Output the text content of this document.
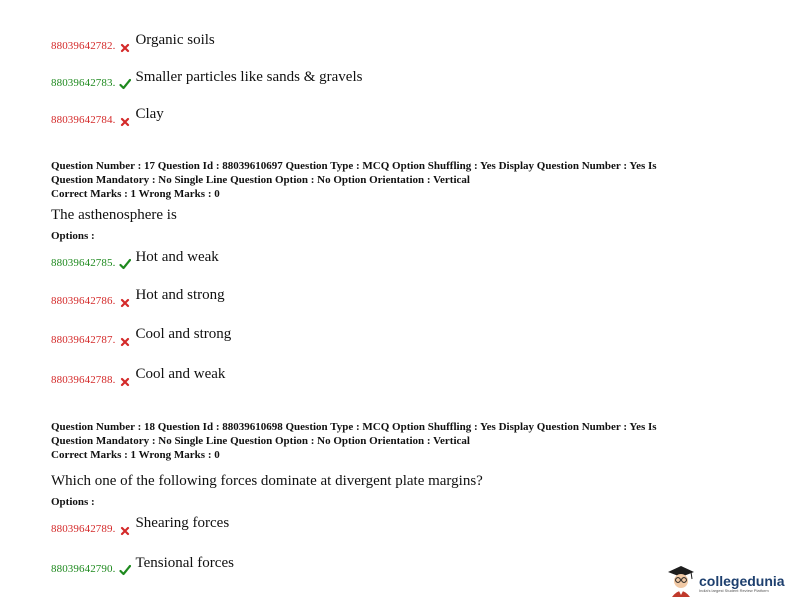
88039642782. Organic soils
88039642783. Smaller particles like sands & gravels
88039642784. Clay
Question Number : 17 Question Id : 88039610697 Question Type : MCQ Option Shuffling : Yes Display Question Number : Yes Is
Question Mandatory : No Single Line Question Option : No Option Orientation : Vertical
Correct Marks : 1 Wrong Marks : 0
The asthenosphere is
Options :
88039642785. Hot and weak
88039642786. Hot and strong
88039642787. Cool and strong
88039642788. Cool and weak
Question Number : 18 Question Id : 88039610698 Question Type : MCQ Option Shuffling : Yes Display Question Number : Yes Is
Question Mandatory : No Single Line Question Option : No Option Orientation : Vertical
Correct Marks : 1 Wrong Marks : 0
Which one of the following forces dominate at divergent plate margins?
Options :
88039642789. Shearing forces
88039642790. Tensional forces
collegedunia
India's largest Student Review Platform
